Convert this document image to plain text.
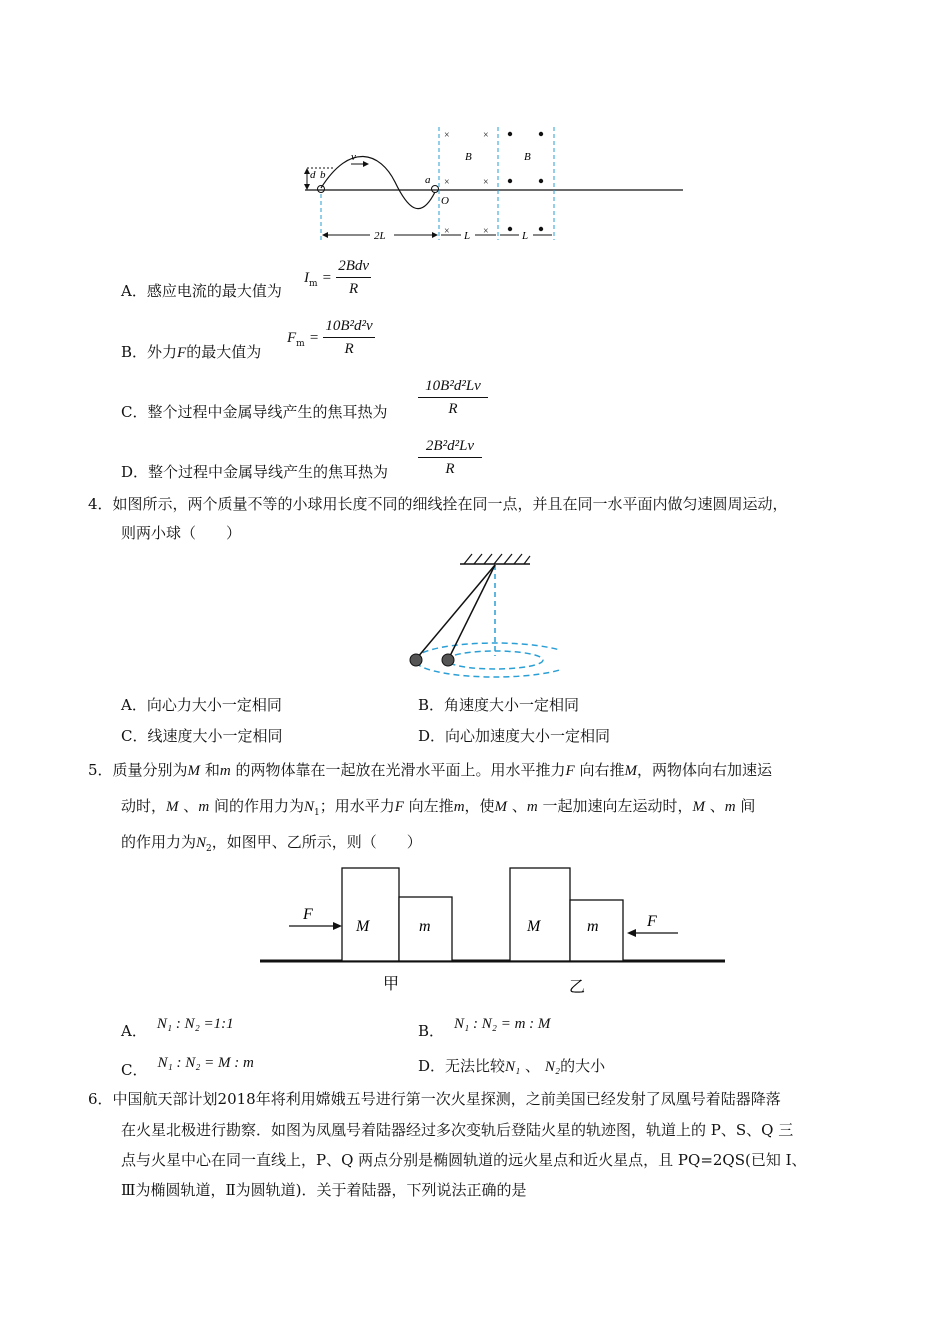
d b
v
a
O
×	×
×	×
×	×
B	B
2L	L	L
A．感应电流的最大值为
$I_m = \frac{\text{2Bdv}}{R}$
B．外力F的最大值为
$F_m = \frac{\text{10B²d²v}}{R}$
C．整个过程中金属导线产生的焦耳热为 $\frac{\text{10B²d²Lv}}{R}$
D．整个过程中金属导线产生的焦耳热为 $\frac{\text{2B²d²Lv}}{R}$
4．如图所示，两个质量不等的小球用长度不同的细线拴在同一点，并且在同一水平面内做匀速圆周运动，
则两小球（　　）
A．向心力大小一定相同	B．角速度大小一定相同
C．线速度大小一定相同	D．向心加速度大小一定相同
5．质量分别为M 和m 的两物体靠在一起放在光滑水平面上。用水平推力F 向右推M，两物体向右加速运
动时，M 、m 间的作用力为$N_1$；用水平力F 向左推m，使M 、m 一起加速向左运动时，M 、m 间
的作用力为$N_2$，如图甲、乙所示，则（　　）
F
M	m	M	m	F
甲	乙
A． N₁ : N₂ =1:1	B． N₁ : N₂ = m : M
C． N₁ : N₂ = M : m	D．无法比较N₁ 、 N₂的大小
6．中国航天部计划2018年将利用嫦娥五号进行第一次火星探测，之前美国已经发射了凤凰号着陆器降落
在火星北极进行勘察．如图为凤凰号着陆器经过多次变轨后登陆火星的轨迹图，轨道上的 P、S、Q 三
点与火星中心在同一直线上，P、Q 两点分别是椭圆轨道的远火星点和近火星点，且 PQ=2QS(已知 Ⅰ、
Ⅲ为椭圆轨道，Ⅱ为圆轨道)．关于着陆器，下列说法正确的是
